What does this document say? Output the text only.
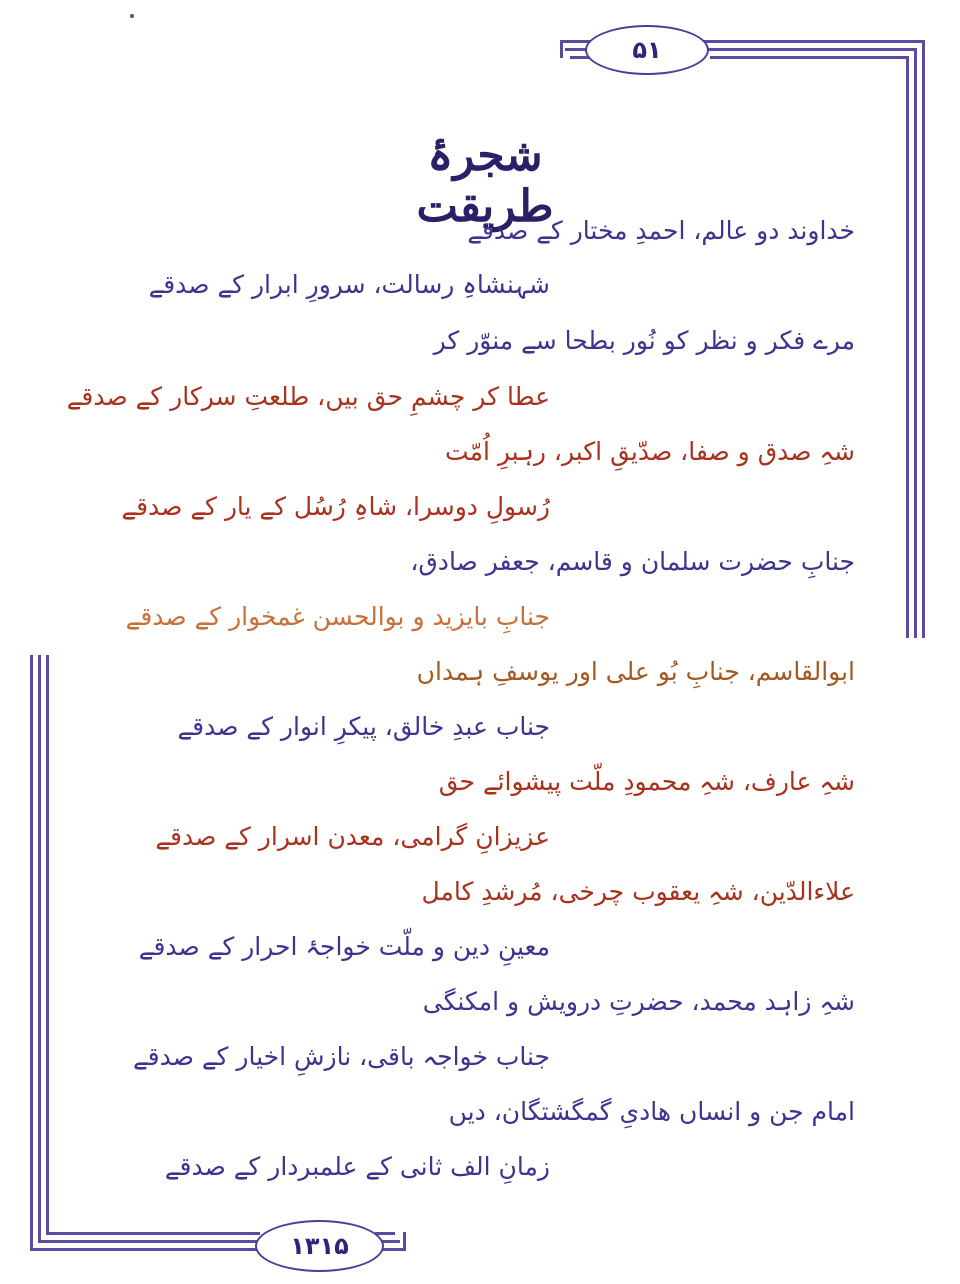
۵۱
۱۳۱۵
شجرۂ طریقت
خداوند دو عالم، احمدِ مختار کے صدقے
شہنشاہِ رسالت، سرورِ ابرار کے صدقے
مرے فکر و نظر کو نُور بطحا سے منوّر کر
عطا کر چشمِ حق بیں، طلعتِ سرکار کے صدقے
شہِ صدق و صفا، صدّیقِ اکبر، رہبرِ اُمّت
رُسولِ دوسرا، شاہِ رُسُل کے یار کے صدقے
جنابِ حضرت سلمان و قاسم، جعفر صادق،
جنابِ بایزید و بوالحسن غمخوار کے صدقے
ابوالقاسم، جنابِ بُو علی اور یوسفِ ہمداں
جناب عبدِ خالق، پیکرِ انوار کے صدقے
شہِ عارف، شہِ محمودِ ملّت پیشوائے حق
عزیزانِ گرامی، معدن اسرار کے صدقے
علاءالدّین، شہِ یعقوب چرخی، مُرشدِ کامل
معینِ دین و ملّت خواجۂ احرار کے صدقے
شہِ زاہد محمد، حضرتِ درویش و امکنگی
جناب خواجہ باقی، نازشِ اخیار کے صدقے
امام جن و انساں ھادیِ گمگشتگان، دیں
زمانِ الف ثانی کے علمبردار کے صدقے
